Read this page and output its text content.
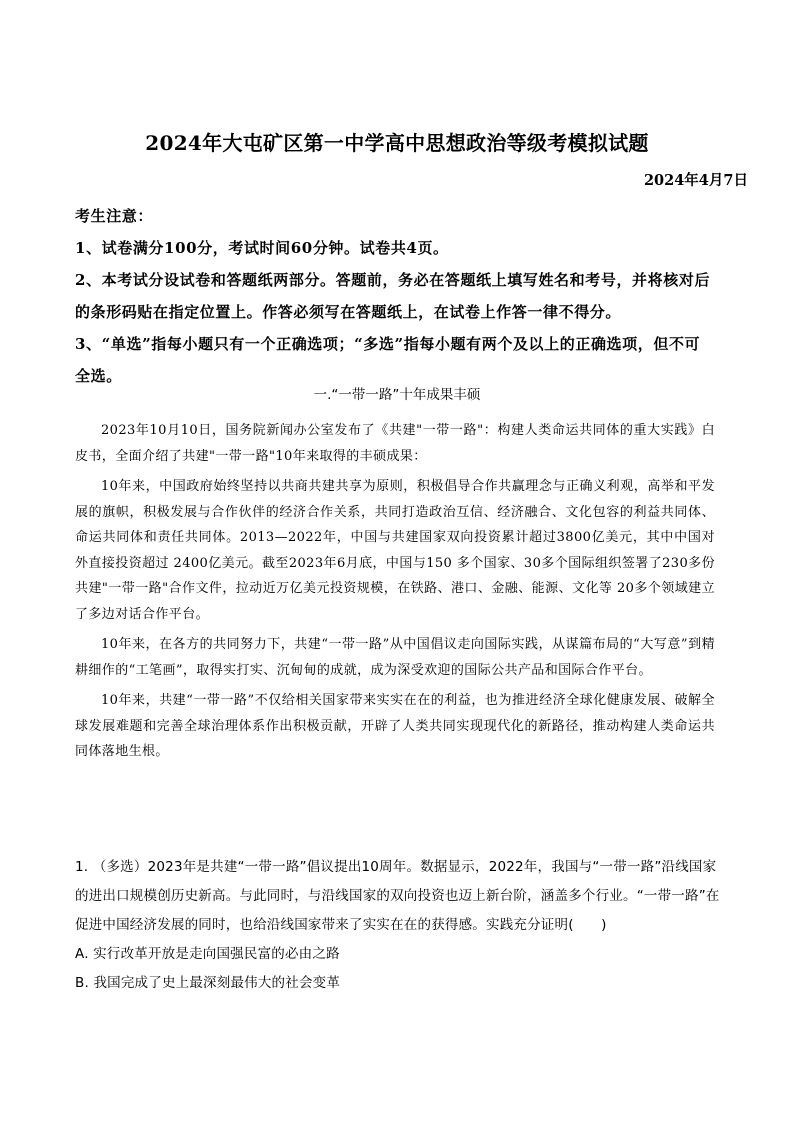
2024年大屯矿区第一中学高中思想政治等级考模拟试题
2024年4月7日

考生注意：

1、试卷满分100分，考试时间60分钟。试卷共4页。

2、本考试分设试卷和答题纸两部分。答题前，务必在答题纸上填写姓名和考号，并将核对后的条形码贴在指定位置上。作答必须写在答题纸上，在试卷上作答一律不得分。

3、“单选”指每小题只有一个正确选项；“多选”指每小题有两个及以上的正确选项，但不可全选。

一.“一带一路”十年成果丰硕

2023年10月10日，国务院新闻办公室发布了《共建"一带一路"：构建人类命运共同体的重大实践》白皮书，全面介绍了共建"一带一路"10年来取得的丰硕成果：

10年来，中国政府始终坚持以共商共建共享为原则，积极倡导合作共赢理念与正确义利观，高举和平发展的旗帜，积极发展与合作伙伴的经济合作关系，共同打造政治互信、经济融合、文化包容的利益共同体、命运共同体和责任共同体。2013—2022年，中国与共建国家双向投资累计超过3800亿美元，其中中国对外直接投资超过 2400亿美元。截至2023年6月底，中国与150 多个国家、30多个国际组织签署了230多份共建"一带一路"合作文件，拉动近万亿美元投资规模，在铁路、港口、金融、能源、文化等 20多个领域建立了多边对话合作平台。

10年来，在各方的共同努力下，共建“一带一路”从中国倡议走向国际实践，从谋篇布局的“大写意”到精耕细作的“工笔画”，取得实打实、沉甸甸的成就，成为深受欢迎的国际公共产品和国际合作平台。

10年来，共建“一带一路”不仅给相关国家带来实实在在的利益，也为推进经济全球化健康发展、破解全球发展难题和完善全球治理体系作出积极贡献，开辟了人类共同实现现代化的新路径，推动构建人类命运共同体落地生根。

1. （多选）2023年是共建“一带一路”倡议提出10周年。数据显示，2022年，我国与“一带一路”沿线国家的进出口规模创历史新高。与此同时，与沿线国家的双向投资也迈上新台阶，涵盖多个行业。“一带一路”在促进中国经济发展的同时，也给沿线国家带来了实实在在的获得感。实践充分证明(　　)

A. 实行改革开放是走向国强民富的必由之路

B. 我国完成了史上最深刻最伟大的社会变革
